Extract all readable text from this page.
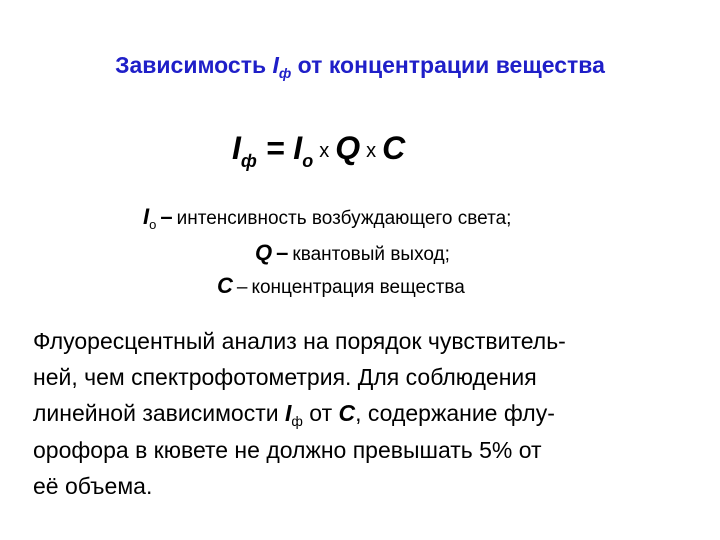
Зависимость $I_ф$ от концентрации вещества
$I_ф = I_о$ x Q x C
$I_о$ – интенсивность возбуждающего света;
Q – квантовый выход;
C – концентрация вещества
Флуоресцентный анализ на порядок чувствитель-
ней, чем спектрофотометрия. Для соблюдения
линейной зависимости $I_ф$ от C, содержание флу-
орофора в кювете не должно превышать 5% от
её объема.
